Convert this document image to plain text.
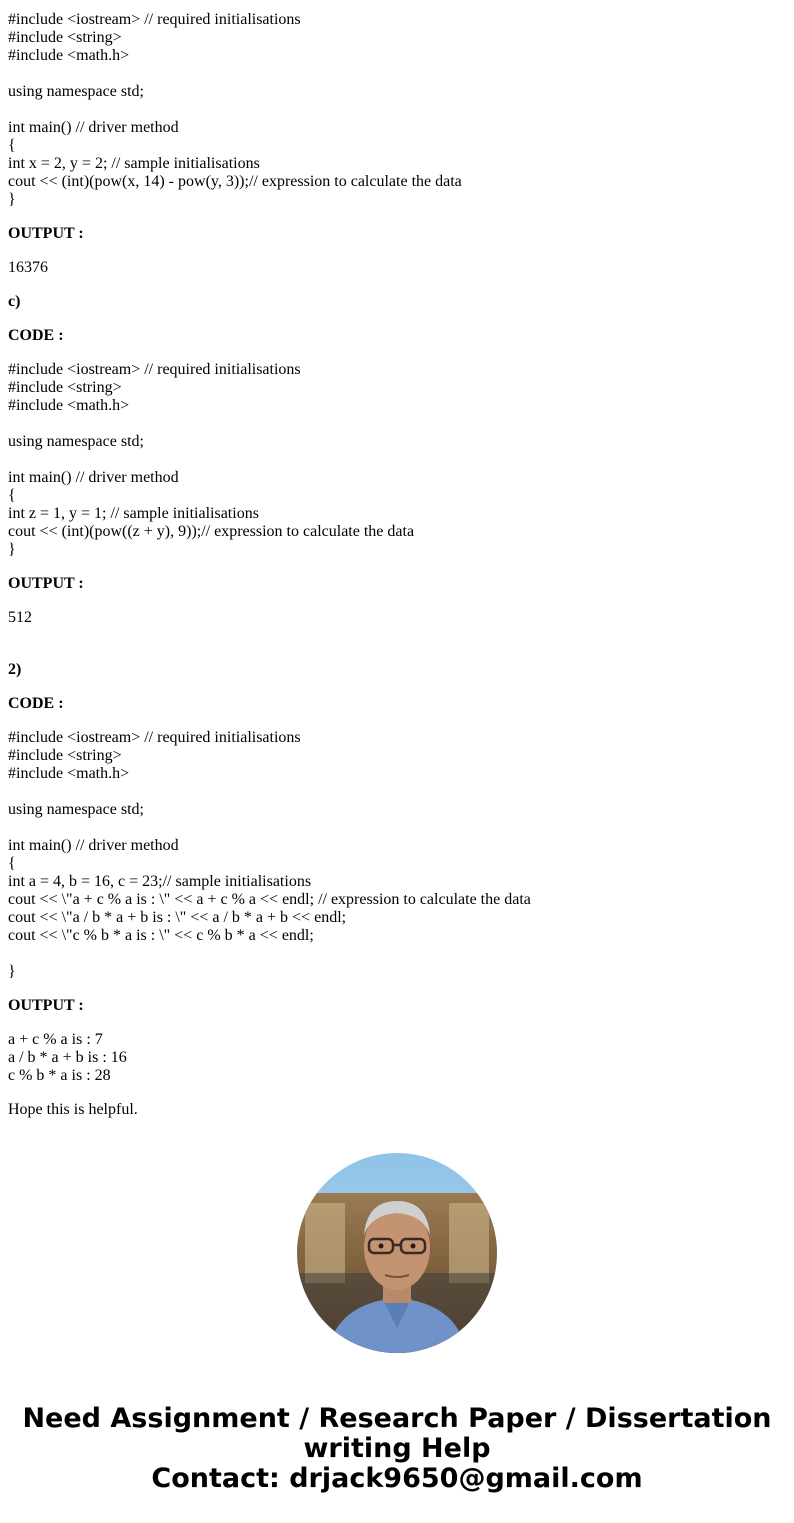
#include <iostream> // required initialisations
#include <string>
#include <math.h>
using namespace std;
int main() // driver method
{
int x = 2, y = 2; // sample initialisations
cout << (int)(pow(x, 14) - pow(y, 3));// expression to calculate the data
}
OUTPUT :
16376
c)
CODE :
#include <iostream> // required initialisations
#include <string>
#include <math.h>
using namespace std;
int main() // driver method
{
int z = 1, y = 1; // sample initialisations
cout << (int)(pow((z + y), 9));// expression to calculate the data
}
OUTPUT :
512
2)
CODE :
#include <iostream> // required initialisations
#include <string>
#include <math.h>
using namespace std;
int main() // driver method
{
int a = 4, b = 16, c = 23;// sample initialisations
cout << \"a + c % a is : \" << a + c % a << endl; // expression to calculate the data
cout << \"a / b * a + b is : \" << a / b * a + b << endl;
cout << \"c % b * a is : \" << c % b * a << endl;
}
OUTPUT :
a + c % a is : 7
a / b * a + b is : 16
c % b * a is : 28
Hope this is helpful.
Need Assignment / Research Paper / Dissertation
writing Help
Contact: drjack9650@gmail.com
